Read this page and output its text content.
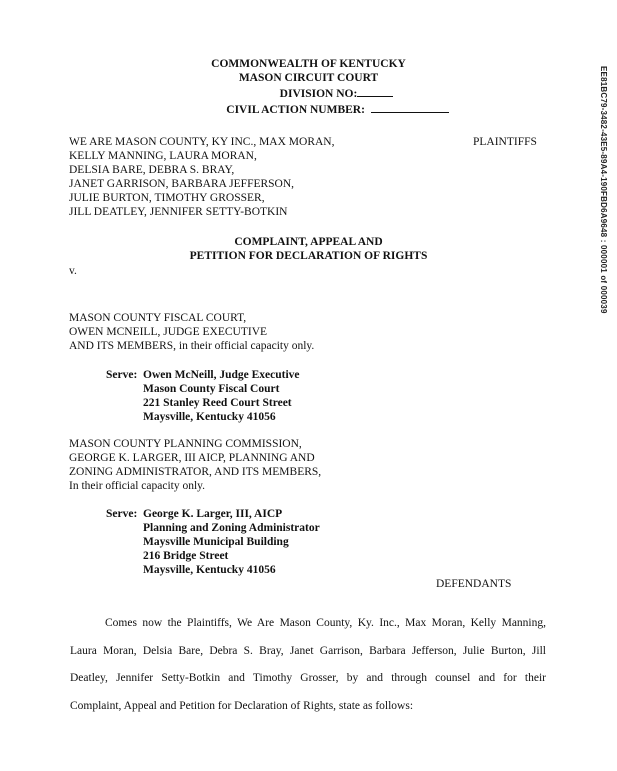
EE81BC79-3482-43E5-89A4-190FBD6A9648 : 000001 of 000039
COMMONWEALTH OF KENTUCKY
MASON CIRCUIT COURT
DIVISION NO:
CIVIL ACTION NUMBER:
WE ARE MASON COUNTY, KY INC., MAX MORAN,
KELLY MANNING, LAURA MORAN,
DELSIA BARE, DEBRA S. BRAY,
JANET GARRISON, BARBARA JEFFERSON,
JULIE BURTON, TIMOTHY GROSSER,
JILL DEATLEY, JENNIFER SETTY-BOTKIN
PLAINTIFFS
COMPLAINT, APPEAL AND
PETITION FOR DECLARATION OF RIGHTS
v.
MASON COUNTY FISCAL COURT,
OWEN MCNEILL, JUDGE EXECUTIVE
AND ITS MEMBERS, in their official capacity only.
Serve: Owen McNeill, Judge Executive
Mason County Fiscal Court
221 Stanley Reed Court Street
Maysville, Kentucky 41056
MASON COUNTY PLANNING COMMISSION,
GEORGE K. LARGER, III AICP, PLANNING AND
ZONING ADMINISTRATOR, AND ITS MEMBERS,
In their official capacity only.
Serve: George K. Larger, III, AICP
Planning and Zoning Administrator
Maysville Municipal Building
216 Bridge Street
Maysville, Kentucky 41056
DEFENDANTS
Comes now the Plaintiffs, We Are Mason County, Ky. Inc., Max Moran, Kelly Manning,
Laura Moran, Delsia Bare, Debra S. Bray, Janet Garrison, Barbara Jefferson, Julie Burton, Jill
Deatley, Jennifer Setty-Botkin and Timothy Grosser, by and through counsel and for their
Complaint, Appeal and Petition for Declaration of Rights, state as follows:
